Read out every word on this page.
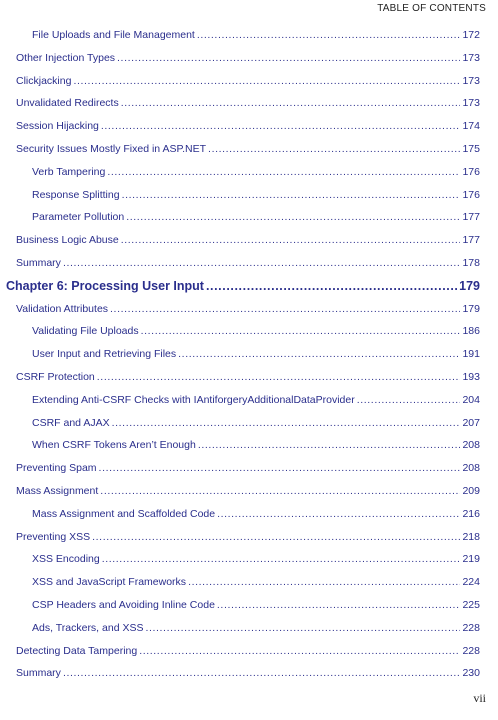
TABLE OF CONTENTS
File Uploads and File Management .....	172
Other Injection Types .....	173
Clickjacking .....	173
Unvalidated Redirects .....	173
Session Hijacking .....	174
Security Issues Mostly Fixed in ASP.NET .....	175
Verb Tampering .....	176
Response Splitting .....	176
Parameter Pollution .....	177
Business Logic Abuse .....	177
Summary .....	178
Chapter 6: Processing User Input .....	179
Validation Attributes .....	179
Validating File Uploads .....	186
User Input and Retrieving Files .....	191
CSRF Protection .....	193
Extending Anti-CSRF Checks with IAntiforgeryAdditionalDataProvider .....	204
CSRF and AJAX .....	207
When CSRF Tokens Aren’t Enough .....	208
Preventing Spam .....	208
Mass Assignment .....	209
Mass Assignment and Scaffolded Code .....	216
Preventing XSS .....	218
XSS Encoding .....	219
XSS and JavaScript Frameworks .....	224
CSP Headers and Avoiding Inline Code .....	225
Ads, Trackers, and XSS .....	228
Detecting Data Tampering .....	228
Summary .....	230
vii
